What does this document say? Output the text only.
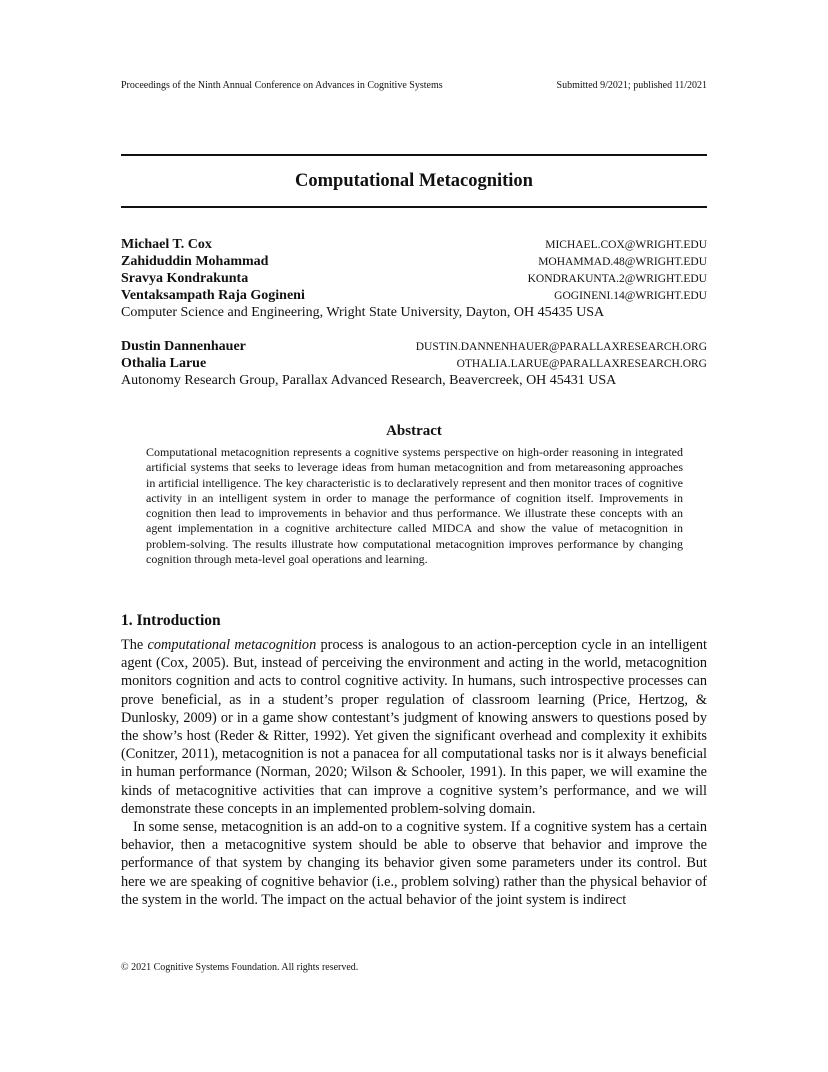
Proceedings of the Ninth Annual Conference on Advances in Cognitive Systems	Submitted 9/2021; published 11/2021
Computational Metacognition
Michael T. Cox	MICHAEL.COX@WRIGHT.EDU
Zahiduddin Mohammad	MOHAMMAD.48@WRIGHT.EDU
Sravya Kondrakunta	KONDRAKUNTA.2@WRIGHT.EDU
Ventaksampath Raja Gogineni	GOGINENI.14@WRIGHT.EDU
Computer Science and Engineering, Wright State University, Dayton, OH 45435 USA
Dustin Dannenhauer	DUSTIN.DANNENHAUER@PARALLAXRESEARCH.ORG
Othalia Larue	OTHALIA.LARUE@PARALLAXRESEARCH.ORG
Autonomy Research Group, Parallax Advanced Research, Beavercreek, OH 45431 USA
Abstract
Computational metacognition represents a cognitive systems perspective on high-order reasoning in integrated artificial systems that seeks to leverage ideas from human metacognition and from metareasoning approaches in artificial intelligence. The key characteristic is to declaratively represent and then monitor traces of cognitive activity in an intelligent system in order to manage the performance of cognition itself. Improvements in cognition then lead to improvements in behavior and thus performance. We illustrate these concepts with an agent implementation in a cognitive architecture called MIDCA and show the value of metacognition in problem-solving. The results illustrate how computational metacognition improves performance by changing cognition through meta-level goal operations and learning.
1. Introduction

The computational metacognition process is analogous to an action-perception cycle in an intelligent agent (Cox, 2005). But, instead of perceiving the environment and acting in the world, metacognition monitors cognition and acts to control cognitive activity. In humans, such introspective processes can prove beneficial, as in a student’s proper regulation of classroom learning (Price, Hertzog, & Dunlosky, 2009) or in a game show contestant’s judgment of knowing answers to questions posed by the show’s host (Reder & Ritter, 1992). Yet given the significant overhead and complexity it exhibits (Conitzer, 2011), metacognition is not a panacea for all computational tasks nor is it always beneficial in human performance (Norman, 2020; Wilson & Schooler, 1991). In this paper, we will examine the kinds of metacognitive activities that can improve a cognitive system’s performance, and we will demonstrate these concepts in an implemented problem-solving domain.

In some sense, metacognition is an add-on to a cognitive system. If a cognitive system has a certain behavior, then a metacognitive system should be able to observe that behavior and improve the performance of that system by changing its behavior given some parameters under its control. But here we are speaking of cognitive behavior (i.e., problem solving) rather than the physical behavior of the system in the world. The impact on the actual behavior of the joint system is indirect

© 2021 Cognitive Systems Foundation. All rights reserved.
